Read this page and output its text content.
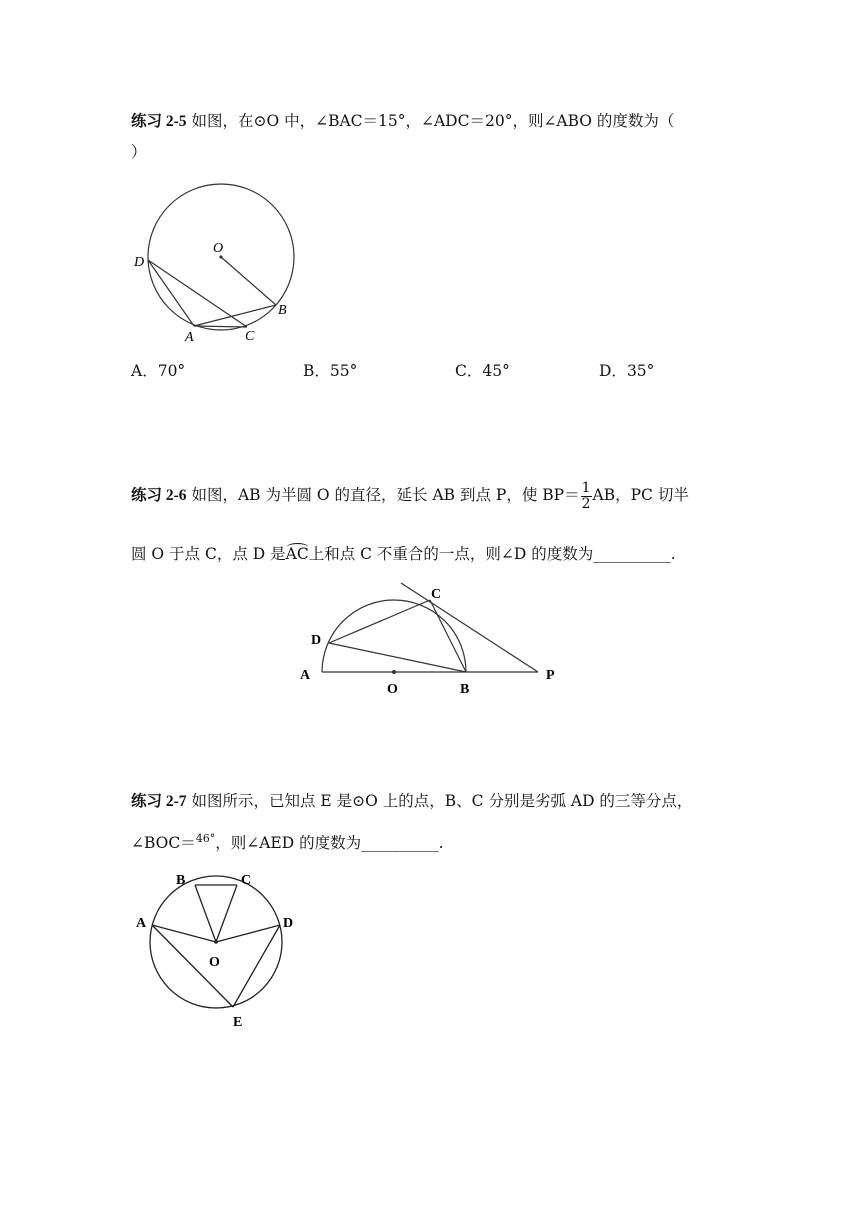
练习 2-5 如图，在⊙O 中，∠BAC＝15°，∠ADC＝20°，则∠ABO 的度数为（
）
O
D
B
A	C
A．70°	B．55°	C．45°	D．35°
练习 2-6 如图，AB 为半圆 O 的直径，延长 AB 到点 P，使 $BP= \frac{1}{2}$ AB，PC 切半
圆 O 于点 C，点 D 是AC上和点 C 不重合的一点，则∠D 的度数为__________.
C
D
A
O	B
P
练习 2-7 如图所示，已知点 E 是⊙O 上的点，B、C 分别是劣弧 AD 的三等分点，
∠BOC＝$^{46^\circ}$，则∠AED 的度数为__________.
B	C
A	D
O
E
